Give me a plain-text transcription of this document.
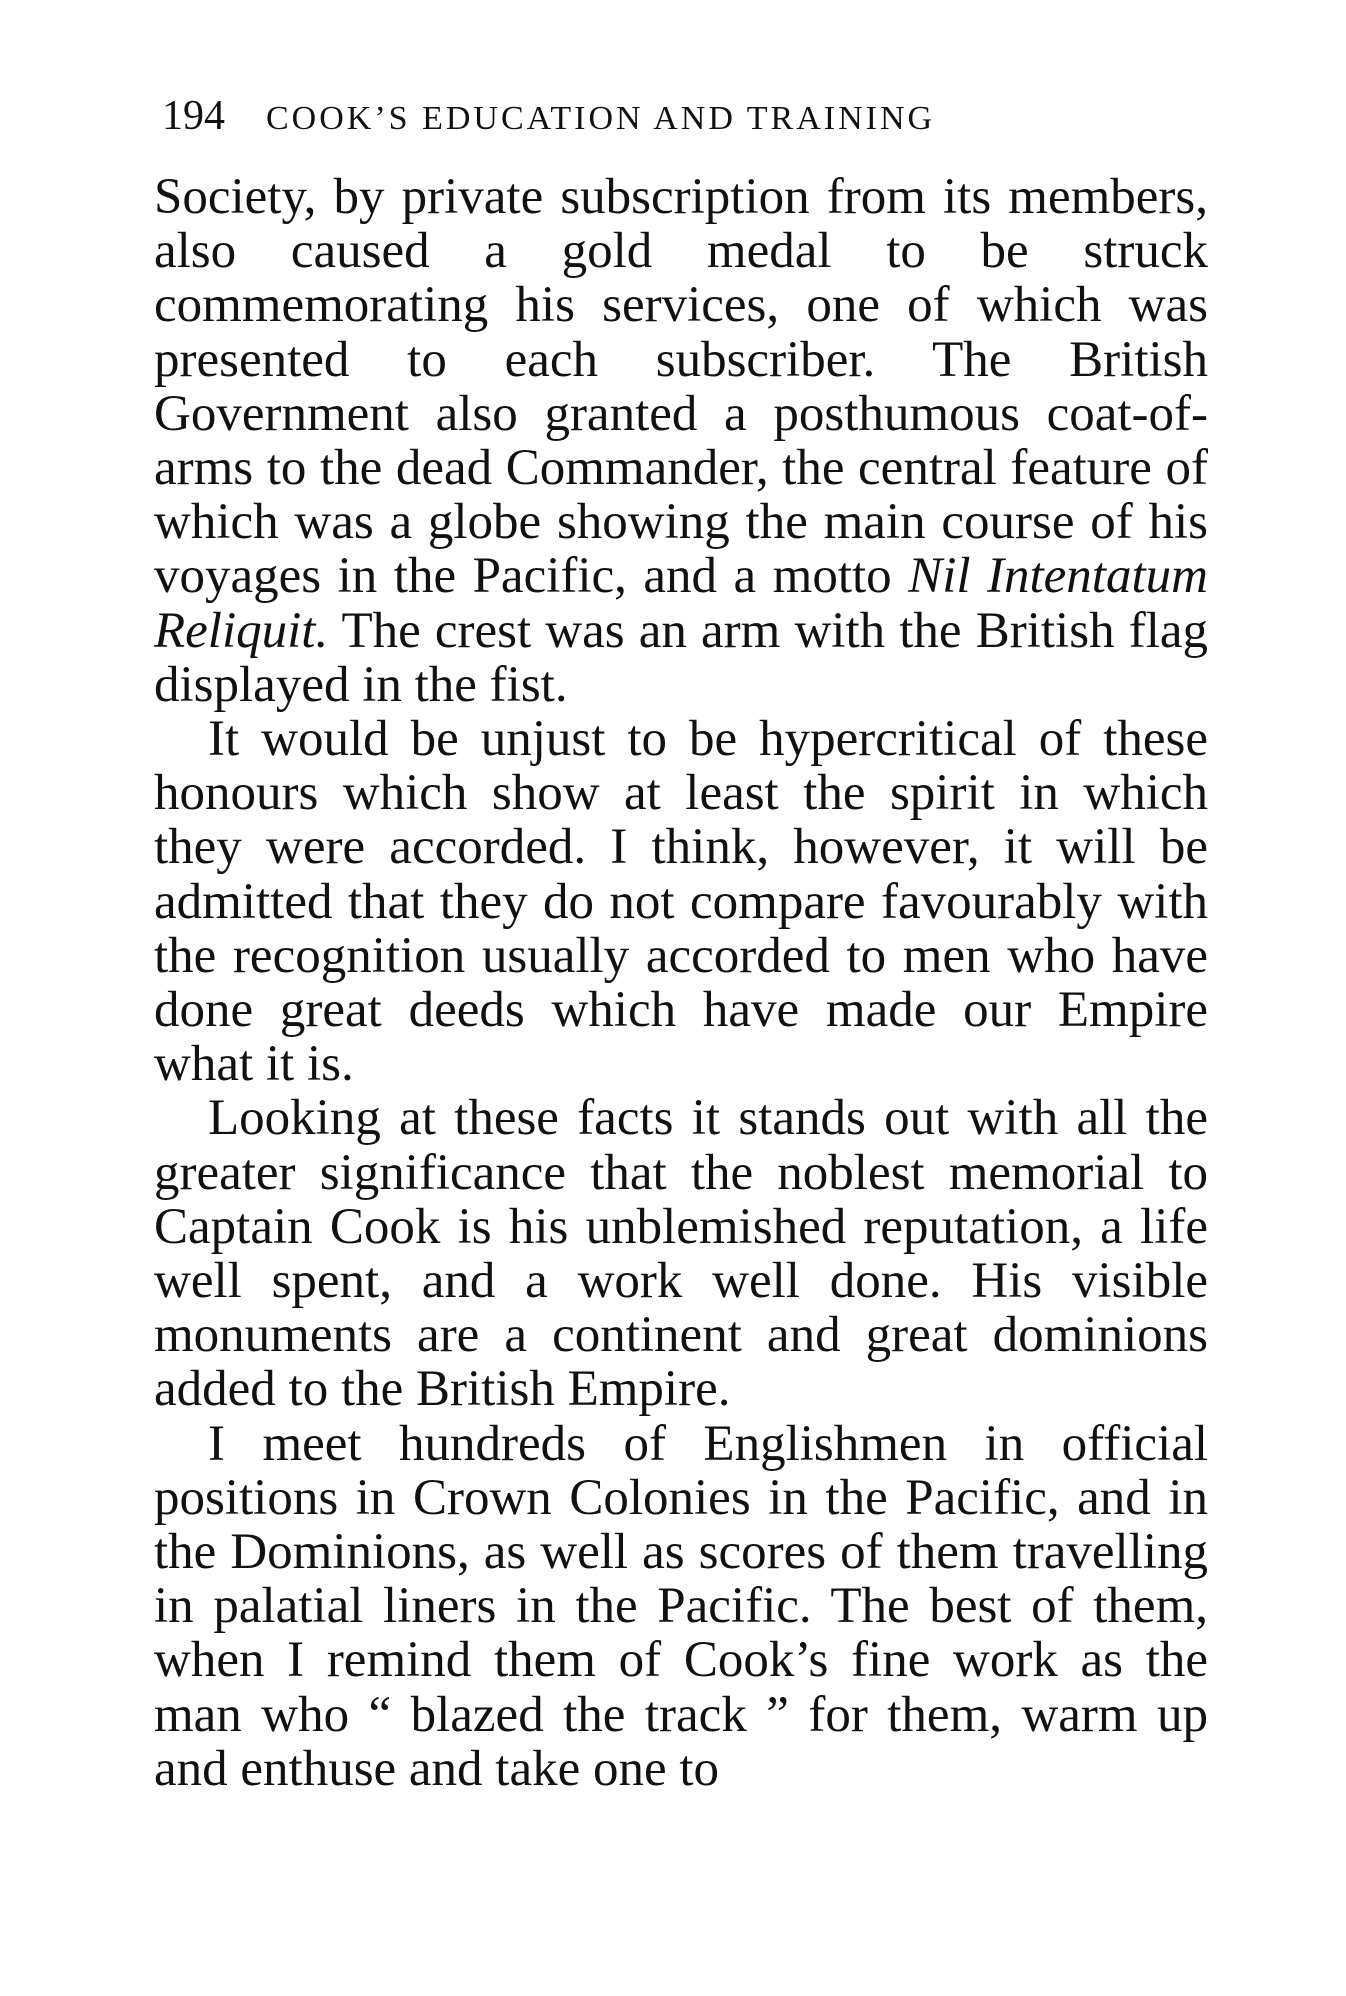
194 COOK’S EDUCATION AND TRAINING

Society, by private subscription from its members, also caused a gold medal to be struck commemorating his services, one of which was presented to each subscriber. The British Government also granted a posthumous coat-of-arms to the dead Commander, the central feature of which was a globe showing the main course of his voyages in the Pacific, and a motto Nil Intentatum Reliquit. The crest was an arm with the British flag displayed in the fist.

It would be unjust to be hypercritical of these honours which show at least the spirit in which they were accorded. I think, however, it will be admitted that they do not compare favourably with the recognition usually accorded to men who have done great deeds which have made our Empire what it is.

Looking at these facts it stands out with all the greater significance that the noblest memorial to Captain Cook is his unblemished reputation, a life well spent, and a work well done. His visible monuments are a continent and great dominions added to the British Empire.

I meet hundreds of Englishmen in official positions in Crown Colonies in the Pacific, and in the Dominions, as well as scores of them travelling in palatial liners in the Pacific. The best of them, when I remind them of Cook’s fine work as the man who “ blazed the track ” for them, warm up and enthuse and take one to
